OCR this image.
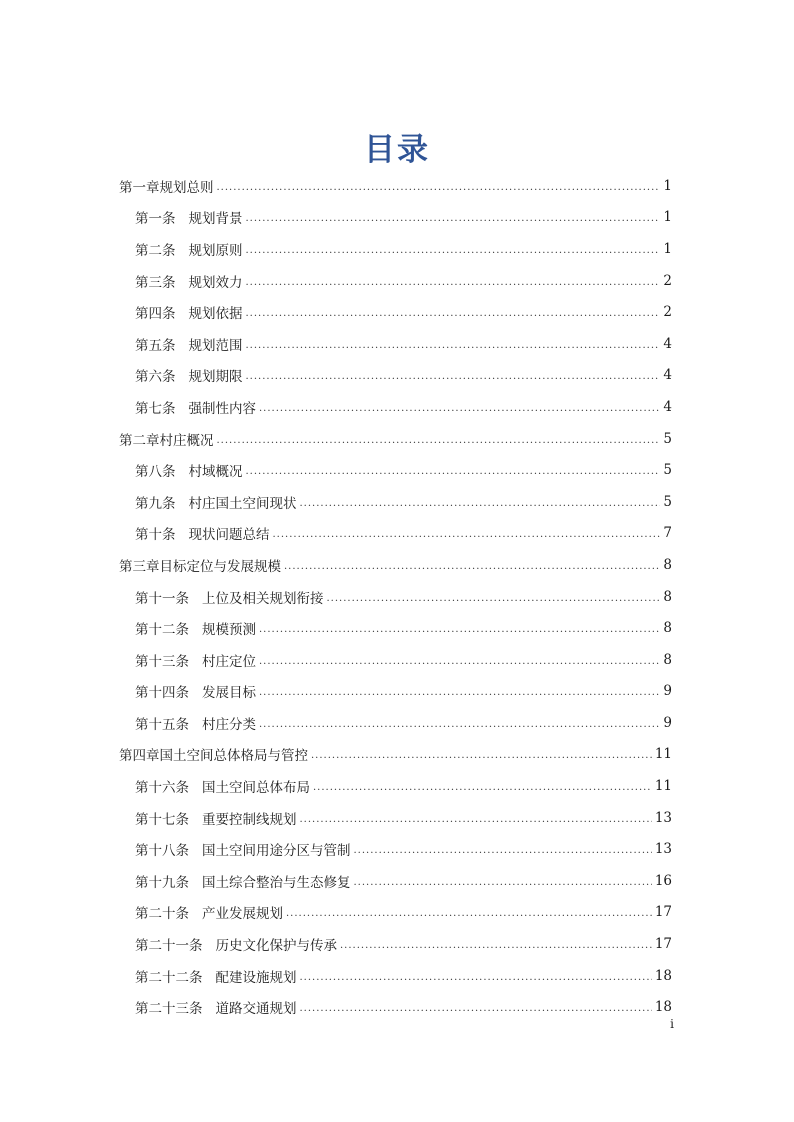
目录
第一章规划总则 .....	1
第一条 规划背景 .....	1
第二条 规划原则 .....	1
第三条 规划效力 .....	2
第四条 规划依据 .....	2
第五条 规划范围 .....	4
第六条 规划期限 .....	4
第七条 强制性内容 .....	4
第二章村庄概况 .....	5
第八条 村域概况 .....	5
第九条 村庄国土空间现状 .....	5
第十条 现状问题总结 .....	7
第三章目标定位与发展规模 .....	8
第十一条 上位及相关规划衔接 .....	8
第十二条 规模预测 .....	8
第十三条 村庄定位 .....	8
第十四条 发展目标 .....	9
第十五条 村庄分类 .....	9
第四章国土空间总体格局与管控 .....	11
第十六条 国土空间总体布局 .....	11
第十七条 重要控制线规划 .....	13
第十八条 国土空间用途分区与管制 .....	13
第十九条 国土综合整治与生态修复 .....	16
第二十条 产业发展规划 .....	17
第二十一条 历史文化保护与传承 .....	17
第二十二条 配建设施规划 .....	18
第二十三条 道路交通规划 .....	18
i
